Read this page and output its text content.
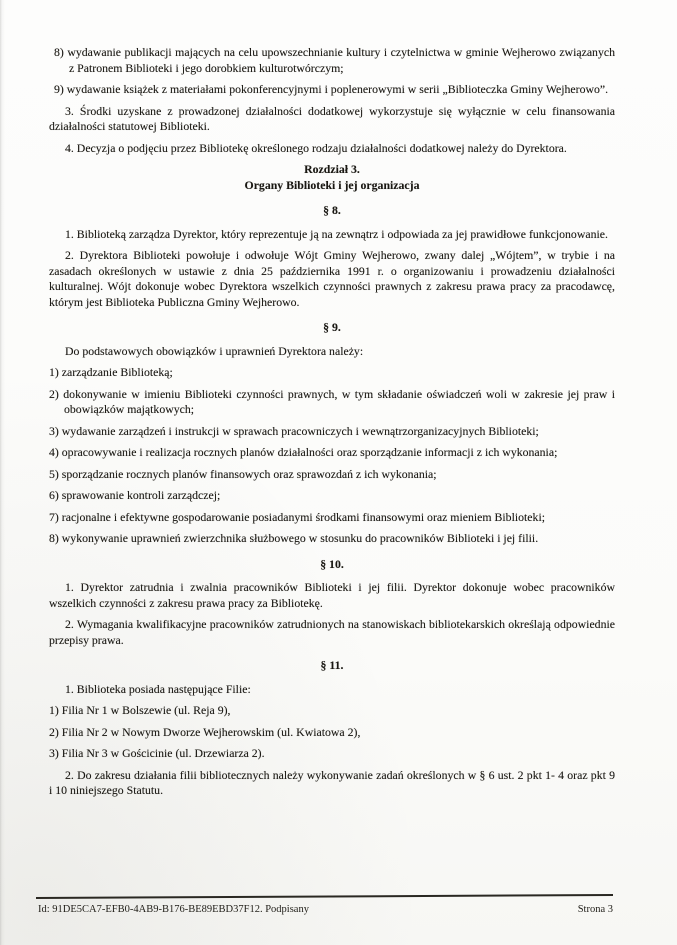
8) wydawanie publikacji mających na celu upowszechnianie kultury i czytelnictwa w gminie Wejherowo związanych z Patronem Biblioteki i jego dorobkiem kulturotwórczym;

9) wydawanie książek z materiałami pokonferencyjnymi i poplenerowymi w serii „Biblioteczka Gminy Wejherowo”.

3. Środki uzyskane z prowadzonej działalności dodatkowej wykorzystuje się wyłącznie w celu finansowania działalności statutowej Biblioteki.

4. Decyzja o podjęciu przez Bibliotekę określonego rodzaju działalności dodatkowej należy do Dyrektora.

Rozdział 3.
Organy Biblioteki i jej organizacja

§ 8.

1. Biblioteką zarządza Dyrektor, który reprezentuje ją na zewnątrz i odpowiada za jej prawidłowe funkcjonowanie.

2. Dyrektora Biblioteki powołuje i odwołuje Wójt Gminy Wejherowo, zwany dalej „Wójtem”, w trybie i na zasadach określonych w ustawie z dnia 25 października 1991 r. o organizowaniu i prowadzeniu działalności kulturalnej. Wójt dokonuje wobec Dyrektora wszelkich czynności prawnych z zakresu prawa pracy za pracodawcę, którym jest Biblioteka Publiczna Gminy Wejherowo.

§ 9.

Do podstawowych obowiązków i uprawnień Dyrektora należy:

1) zarządzanie Biblioteką;

2) dokonywanie w imieniu Biblioteki czynności prawnych, w tym składanie oświadczeń woli w zakresie jej praw i obowiązków majątkowych;

3) wydawanie zarządzeń i instrukcji w sprawach pracowniczych i wewnątrzorganizacyjnych Biblioteki;

4) opracowywanie i realizacja rocznych planów działalności oraz sporządzanie informacji z ich wykonania;

5) sporządzanie rocznych planów finansowych oraz sprawozdań z ich wykonania;

6) sprawowanie kontroli zarządczej;

7) racjonalne i efektywne gospodarowanie posiadanymi środkami finansowymi oraz mieniem Biblioteki;

8) wykonywanie uprawnień zwierzchnika służbowego w stosunku do pracowników Biblioteki i jej filii.

§ 10.

1. Dyrektor zatrudnia i zwalnia pracowników Biblioteki i jej filii. Dyrektor dokonuje wobec pracowników wszelkich czynności z zakresu prawa pracy za Bibliotekę.

2. Wymagania kwalifikacyjne pracowników zatrudnionych na stanowiskach bibliotekarskich określają odpowiednie przepisy prawa.

§ 11.

1. Biblioteka posiada następujące Filie:

1) Filia Nr 1 w Bolszewie (ul. Reja 9),

2) Filia Nr 2 w Nowym Dworze Wejherowskim (ul. Kwiatowa 2),

3) Filia Nr 3 w Gościcinie (ul. Drzewiarza 2).

2. Do zakresu działania filii bibliotecznych należy wykonywanie zadań określonych w § 6 ust. 2 pkt 1- 4 oraz pkt 9 i 10 niniejszego Statutu.

Id: 91DE5CA7-EFB0-4AB9-B176-BE89EBD37F12. Podpisany	Strona 3
